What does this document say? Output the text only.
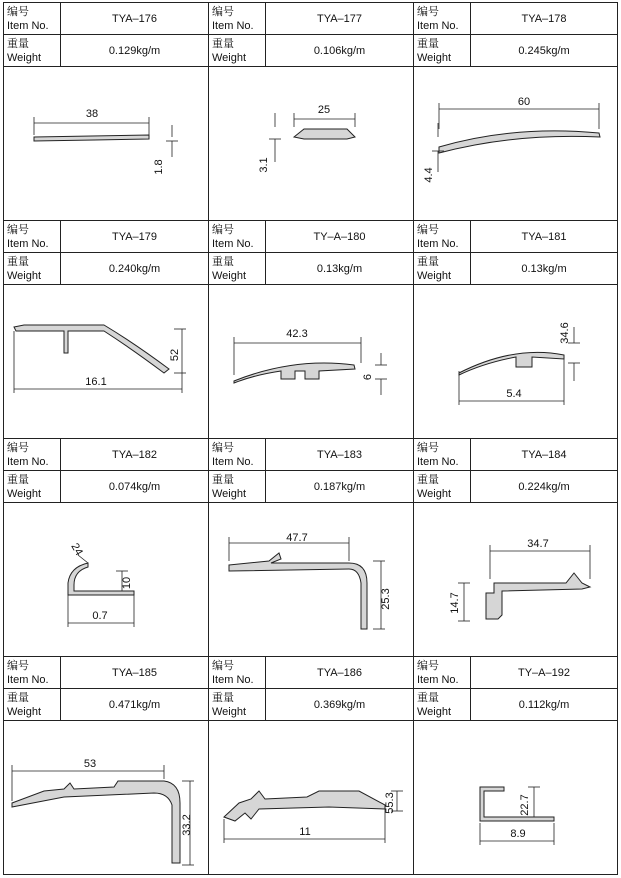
编号
Item No.
TYA–176
重量
Weight
0.129kg/m
38
1.8
编号
Item No.
TYA–177
重量
Weight
0.106kg/m
25
3.1
编号
Item No.
TYA–178
重量
Weight
0.245kg/m
60
4.4
编号
Item No.
TYA–179
重量
Weight
0.240kg/m
16.1
52
编号
Item No.
TY–A–180
重量
Weight
0.13kg/m
42.3
6
编号
Item No.
TYA–181
重量
Weight
0.13kg/m
5.4
34.6
编号
Item No.
TYA–182
重量
Weight
0.074kg/m
0.7
10
24
编号
Item No.
TYA–183
重量
Weight
0.187kg/m
47.7
25.3
编号
Item No.
TYA–184
重量
Weight
0.224kg/m
34.7
14.7
编号
Item No.
TYA–185
重量
Weight
0.471kg/m
53
33.2
编号
Item No.
TYA–186
重量
Weight
0.369kg/m
11
55.3
编号
Item No.
TY–A–192
重量
Weight
0.112kg/m
8.9
22.7
